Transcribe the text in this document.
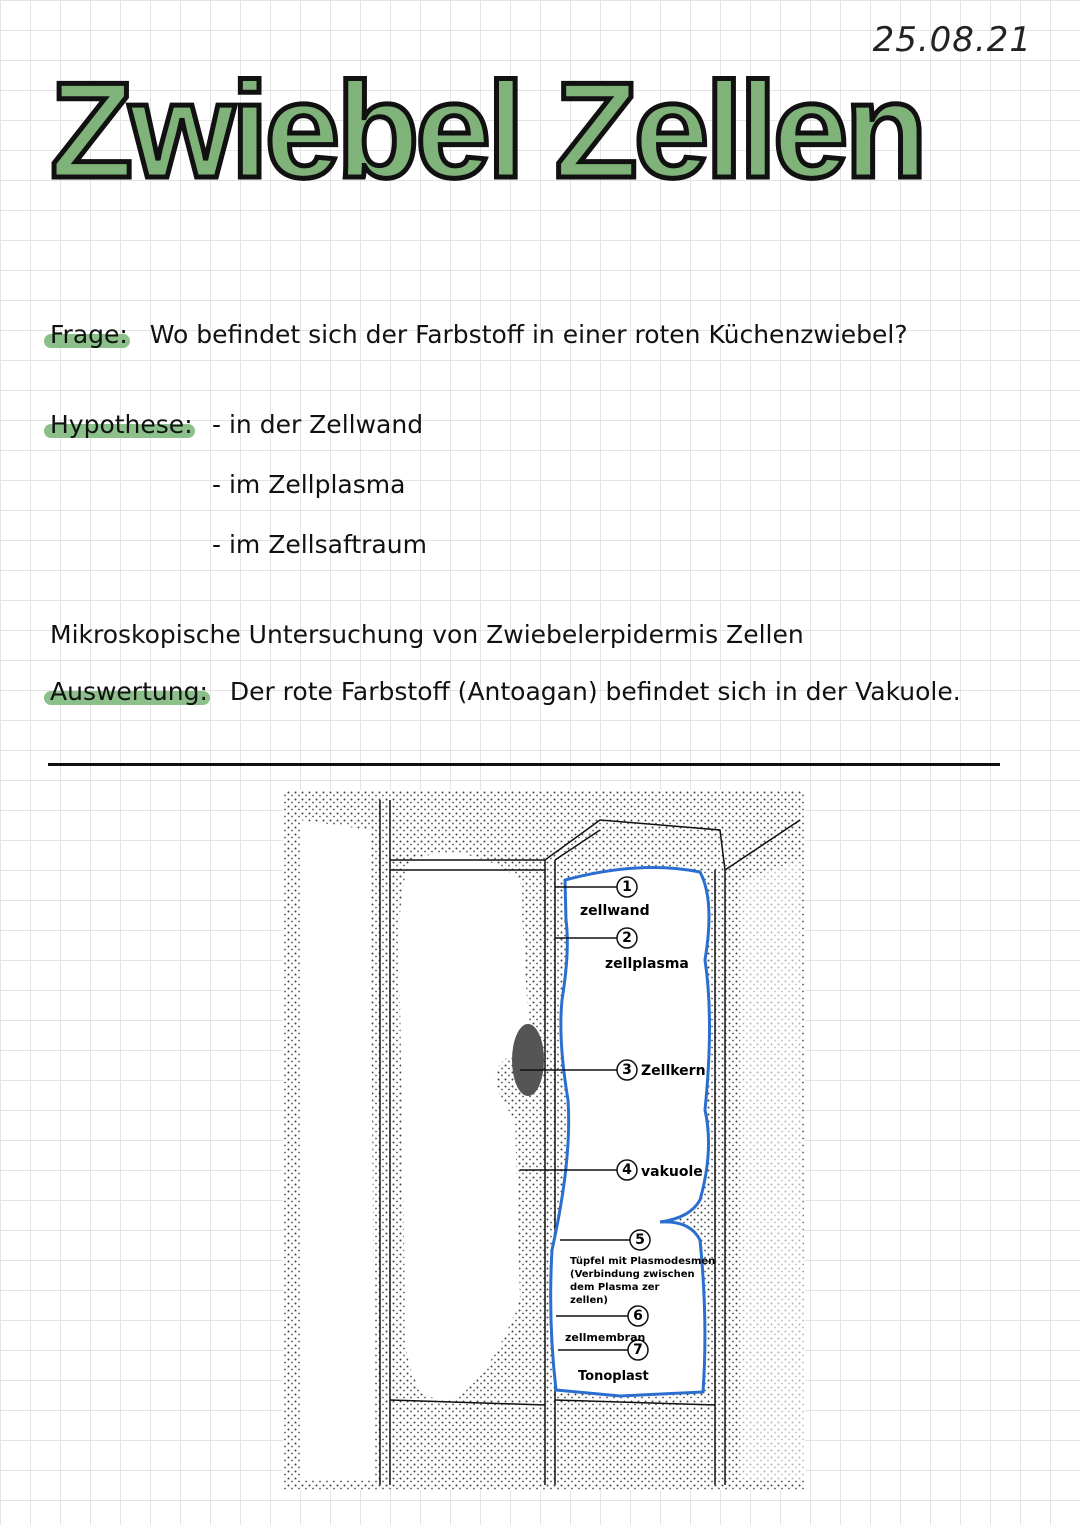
Zwiebel Zellen
25.08.21
Frage: Wo befindet sich der Farbstoff in einer roten Küchenzwiebel?
Hypothese: - in der Zellwand
- im Zellplasma
- im Zellsaftraum
Mikroskopische Untersuchung von Zwiebelerpidermis Zellen
Auswertung: Der rote Farbstoff (Antoagan) befindet sich in der Vakuole.
1
2
3
4
5
6
7
zellwand
zellplasma
Zellkern
vakuole
Tüpfel mit Plasmodesmen
(Verbindung zwischen
dem Plasma zer
zellen)
zellmembran
Tonoplast
